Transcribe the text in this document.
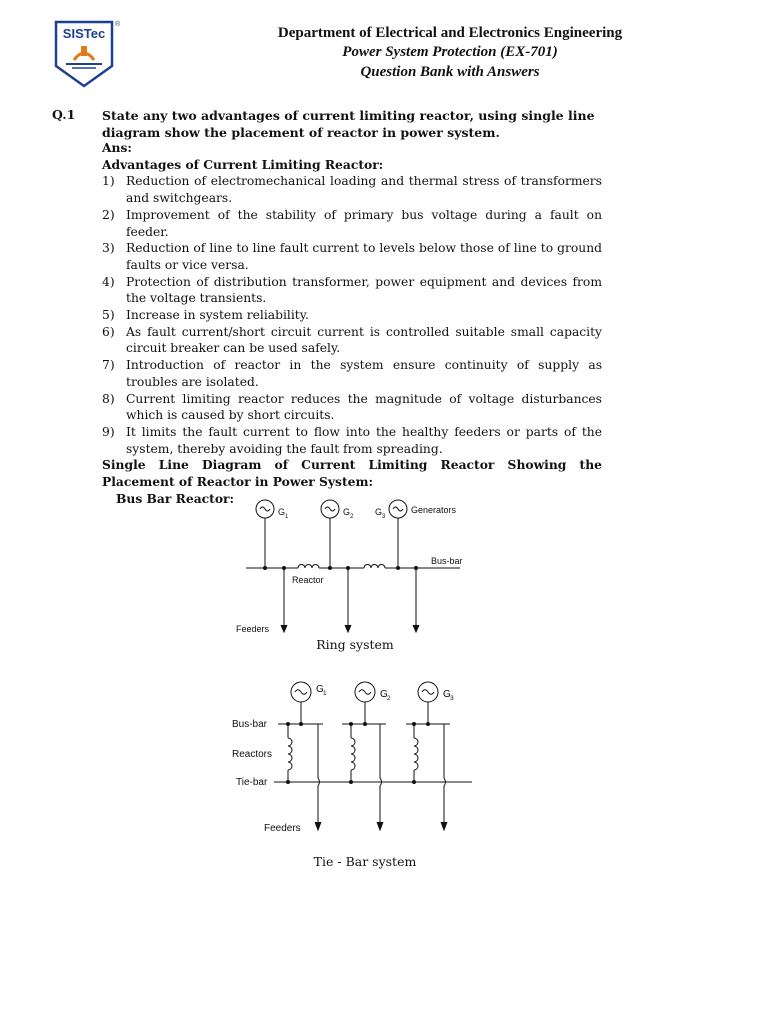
SISTec
®
Department of Electrical and Electronics Engineering
Power System Protection (EX-701)
Question Bank with Answers
Q.1 State any two advantages of current limiting reactor, using single line diagram show the placement of reactor in power system.
Ans:
Advantages of Current Limiting Reactor:
1) Reduction of electromechanical loading and thermal stress of transformers and switchgears.
2) Improvement of the stability of primary bus voltage during a fault on feeder.
3) Reduction of line to line fault current to levels below those of line to ground faults or vice versa.
4) Protection of distribution transformer, power equipment and devices from the voltage transients.
5) Increase in system reliability.
6) As fault current/short circuit current is controlled suitable small capacity circuit breaker can be used safely.
7) Introduction of reactor in the system ensure continuity of supply as troubles are isolated.
8) Current limiting reactor reduces the magnitude of voltage disturbances which is caused by short circuits.
9) It limits the fault current to flow into the healthy feeders or parts of the system, thereby avoiding the fault from spreading.
Single Line Diagram of Current Limiting Reactor Showing the Placement of Reactor in Power System:
Bus Bar Reactor:
G 1	G 2 G 3
Generators
Bus-bar
Reactor
Feeders
Ring system
G 1	G 2	G 3
Bus-bar
Reactors
Tie-bar
Feeders
Tie - Bar system
